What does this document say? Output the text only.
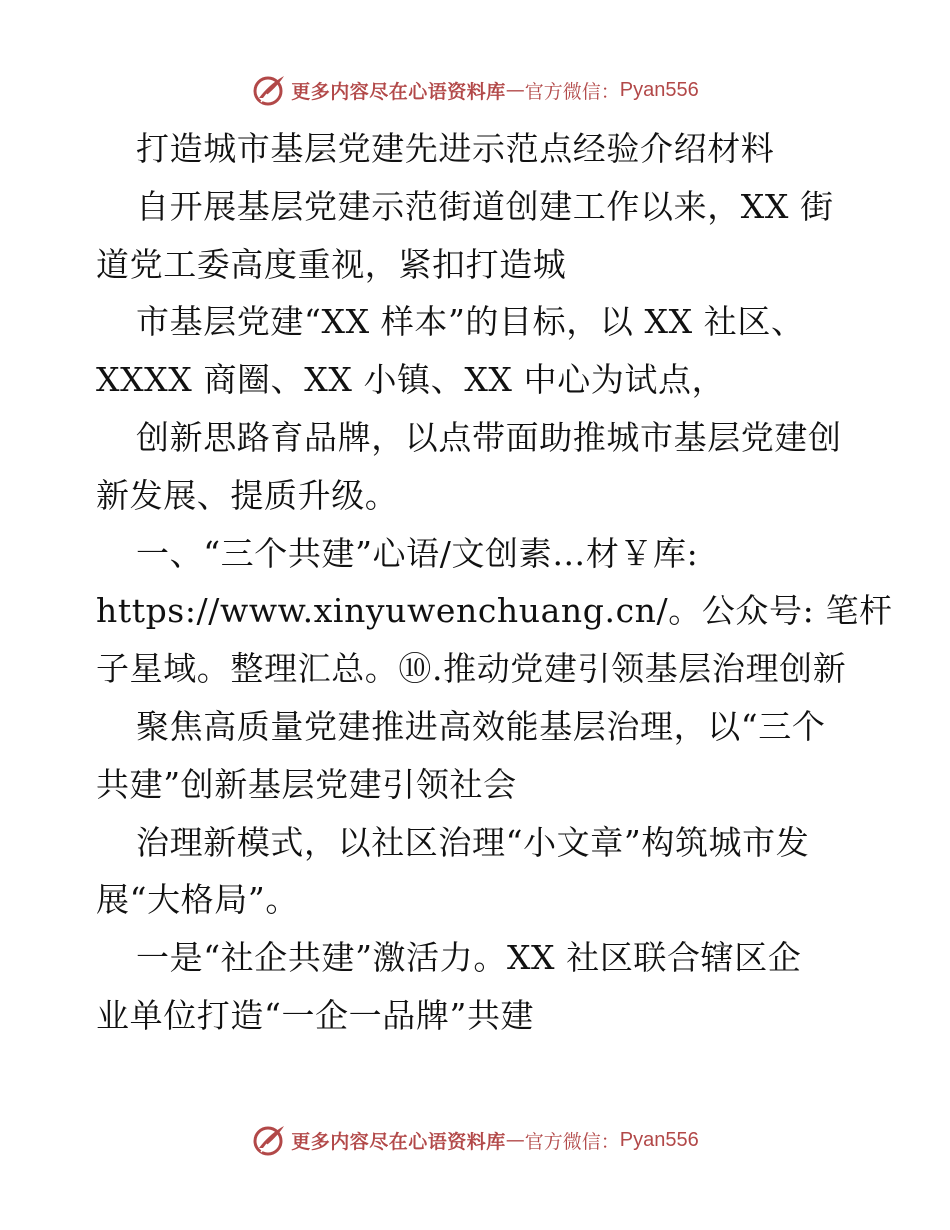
更多内容尽在心语资料库 — 官方微信： Pyan556
打造城市基层党建先进示范点经验介绍材料
自开展基层党建示范街道创建工作以来，XX 街
道党工委高度重视，紧扣打造城
市基层党建“XX 样本”的目标，以 XX 社区、
XXXX 商圈、XX 小镇、XX 中心为试点，
创新思路育品牌，以点带面助推城市基层党建创
新发展、提质升级。
一、“三个共建”心语/文创素…材￥库:
https://www.xinyuwenchuang.cn/。公众号: 笔杆
子星域。整理汇总。⑩.推动党建引领基层治理创新
聚焦高质量党建推进高效能基层治理，以“三个
共建”创新基层党建引领社会
治理新模式，以社区治理“小文章”构筑城市发
展“大格局”。
一是“社企共建”激活力。XX 社区联合辖区企
业单位打造“一企一品牌”共建
更多内容尽在心语资料库 — 官方微信： Pyan556
